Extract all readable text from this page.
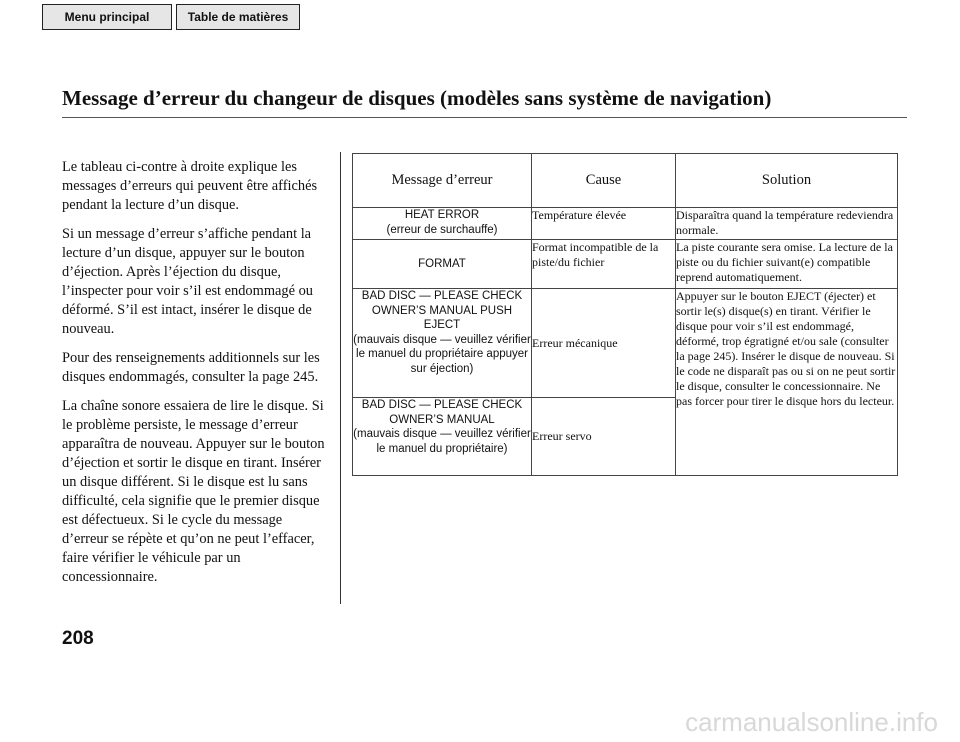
Menu principal	Table de matières
Message d’erreur du changeur de disques (modèles sans système de navigation)

Le tableau ci-contre à droite explique les messages d’erreurs qui peuvent être affichés pendant la lecture d’un disque.

Si un message d’erreur s’affiche pendant la lecture d’un disque, appuyer sur le bouton d’éjection. Après l’éjection du disque, l’inspecter pour voir s’il est endommagé ou déformé. S’il est intact, insérer le disque de nouveau.

Pour des renseignements additionnels sur les disques endommagés, consulter la page 245.

La chaîne sonore essaiera de lire le disque. Si le problème persiste, le message d’erreur apparaîtra de nouveau. Appuyer sur le bouton d’éjection et sortir le disque en tirant. Insérer un disque différent. Si le disque est lu sans difficulté, cela signifie que le premier disque est défectueux. Si le cycle du message d’erreur se répète et qu’on ne peut l’effacer, faire vérifier le véhicule par un concessionnaire.

Message d’erreur	Cause	Solution
HEAT ERROR
(erreur de surchauffe)	Température élevée	Disparaîtra quand la température redeviendra normale.
FORMAT	Format incompatible de la piste/du fichier	La piste courante sera omise. La lecture de la piste ou du fichier suivant(e) compatible reprend automatiquement.
BAD DISC — PLEASE CHECK OWNER’S MANUAL PUSH EJECT
(mauvais disque — veuillez vérifier le manuel du propriétaire appuyer sur éjection)	Erreur mécanique	Appuyer sur le bouton EJECT (éjecter) et sortir le(s) disque(s) en tirant. Vérifier le disque pour voir s’il est endommagé, déformé, trop égratigné et/ou sale (consulter la page 245). Insérer le disque de nouveau. Si le code ne disparaît pas ou si on ne peut sortir le disque, consulter le concessionnaire. Ne pas forcer pour tirer le disque hors du lecteur.
BAD DISC — PLEASE CHECK OWNER’S MANUAL
(mauvais disque — veuillez vérifier le manuel du propriétaire)	Erreur servo	
208
carmanualsonline.info
